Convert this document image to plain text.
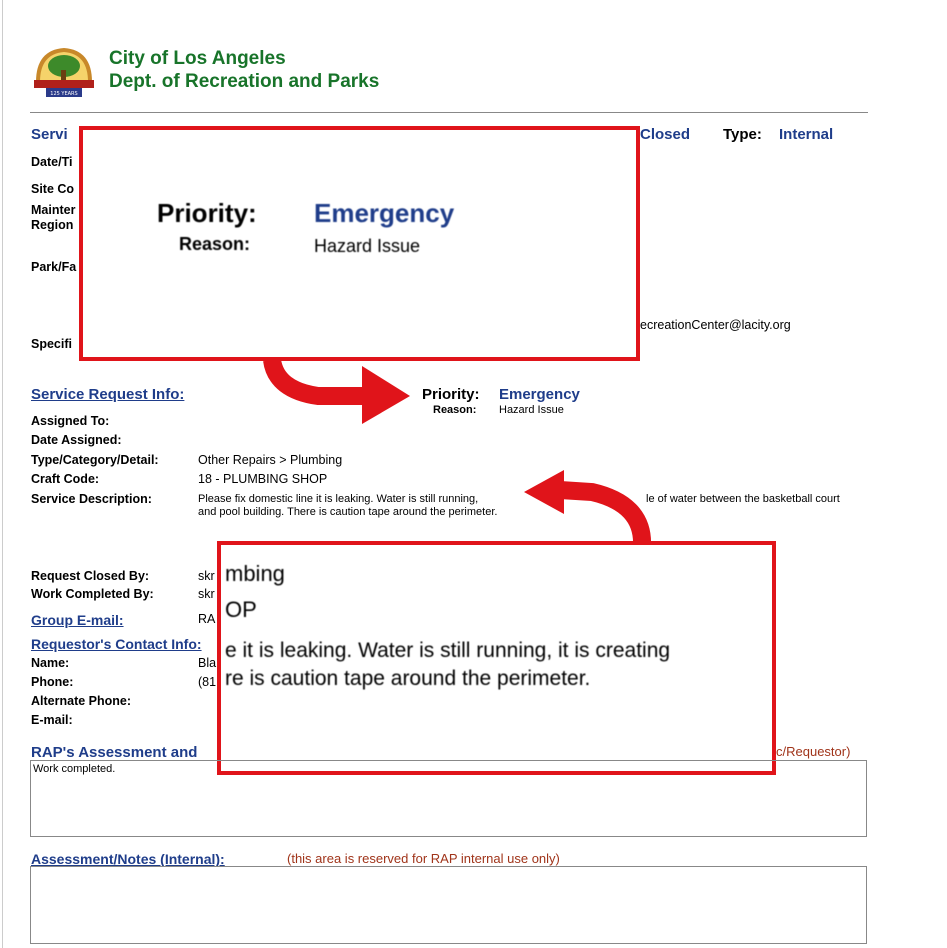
125 YEARS
City of Los Angeles
Dept. of Recreation and Parks
Servi	Closed Type: Internal
Date/Ti
Site Co
Mainter
Region
Park/Fa
Specifi
ecreationCenter@lacity.org
Priority: Emergency
Reason:	Hazard Issue
Service Request Info:	Priority: Emergency
Reason: Hazard Issue
Assigned To:
Date Assigned:
Type/Category/Detail:	Other Repairs > Plumbing
Craft Code:	18 - PLUMBING SHOP
Service Description:	Please fix domestic line it is leaking. Water is still running,	le of water between the basketball court
and pool building. There is caution tape around the perimeter.
Request Closed By:	skr
Work Completed By:	skr
Group E-mail:	RA
Requestor's Contact Info:
Name:	Bla
Phone:	(81
Alternate Phone:
E-mail:
mbing
OP
e it is leaking. Water is still running, it is creating
re is caution tape around the perimeter.
RAP's Assessment and	c/Requestor)
Work completed.
Assessment/Notes (Internal):	(this area is reserved for RAP internal use only)
